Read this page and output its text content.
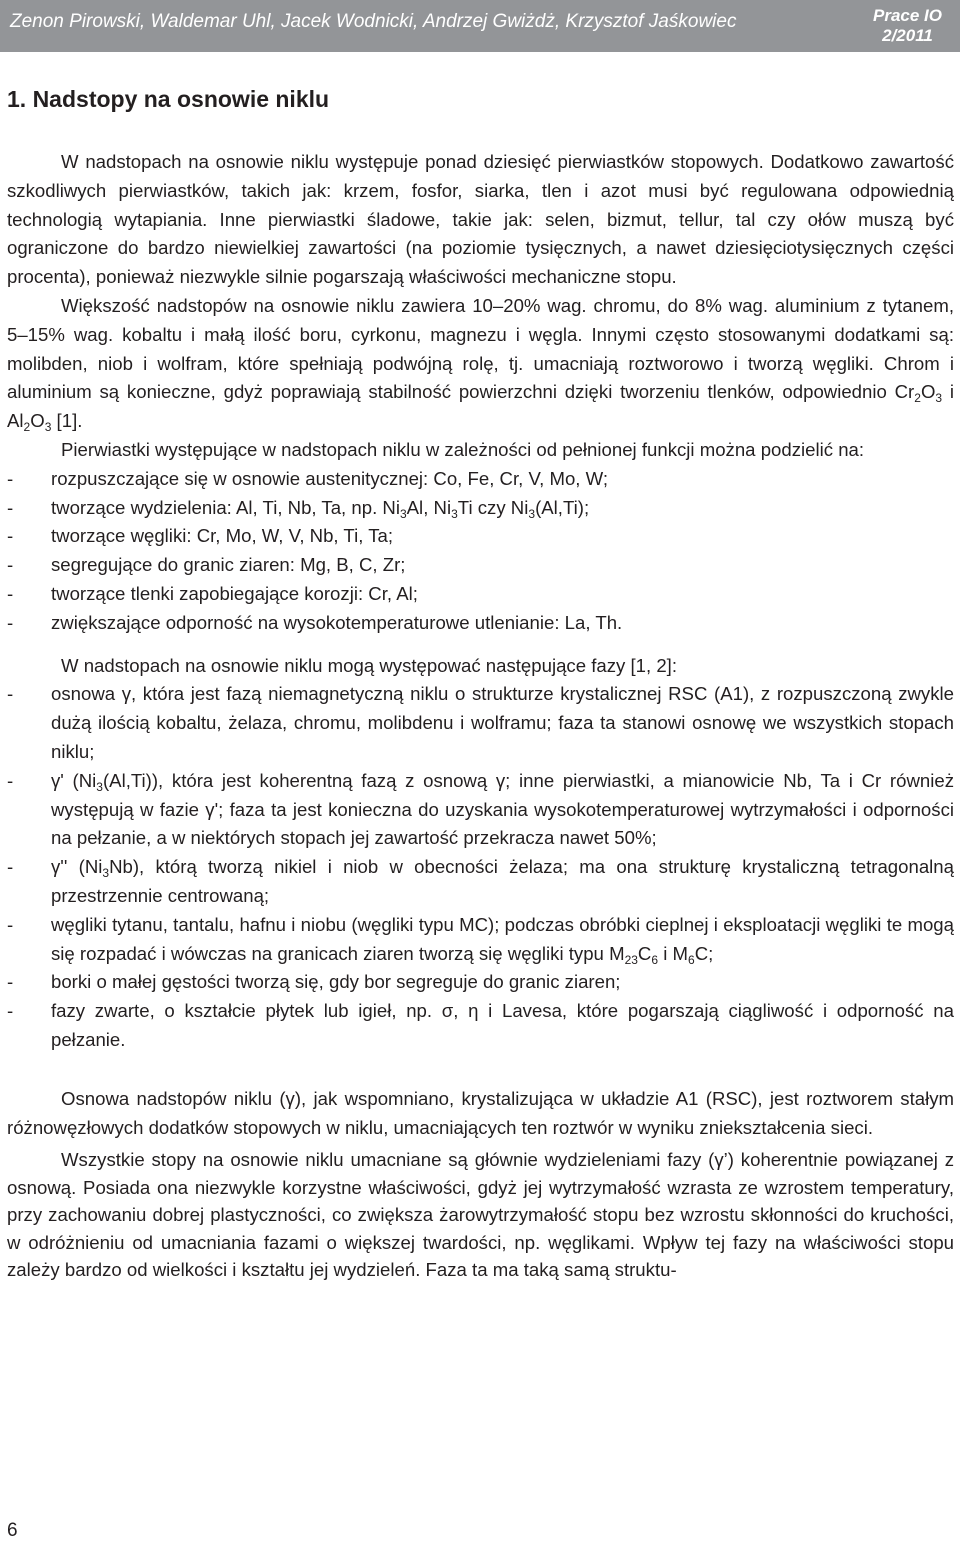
Zenon Pirowski, Waldemar Uhl, Jacek Wodnicki, Andrzej Gwiżdż, Krzysztof Jaśkowiec	Prace IO
2/2011
1. Nadstopy na osnowie niklu

W nadstopach na osnowie niklu występuje ponad dziesięć pierwiastków stopowych. Dodatkowo zawartość szkodliwych pierwiastków, takich jak: krzem, fosfor, siarka, tlen i azot musi być regulowana odpowiednią technologią wytapiania. Inne pierwiastki śladowe, takie jak: selen, bizmut, tellur, tal czy ołów muszą być ograniczone do bardzo niewielkiej zawartości (na poziomie tysięcznych, a nawet dziesięciotysięcznych części procenta), ponieważ niezwykle silnie pogarszają właściwości mechaniczne stopu.

Większość nadstopów na osnowie niklu zawiera 10–20% wag. chromu, do 8% wag. aluminium z tytanem, 5–15% wag. kobaltu i małą ilość boru, cyrkonu, magnezu i węgla. Innymi często stosowanymi dodatkami są: molibden, niob i wolfram, które spełniają podwójną rolę, tj. umacniają roztworowo i tworzą węgliki. Chrom i aluminium są konieczne, gdyż poprawiają stabilność powierzchni dzięki tworzeniu tlenków, odpowiednio $Cr_2O_3$ i $Al_2O_3$ [1].

Pierwiastki występujące w nadstopach niklu w zależności od pełnionej funkcji można podzielić na:

- rozpuszczające się w osnowie austenitycznej: Co, Fe, Cr, V, Mo, W;
- tworzące wydzielenia: Al, Ti, Nb, Ta, np. $Ni_3Al$, $Ni_3Ti$ czy $Ni_3(Al,Ti)$;
- tworzące węgliki: Cr, Mo, W, V, Nb, Ti, Ta;
- segregujące do granic ziaren: Mg, B, C, Zr;
- tworzące tlenki zapobiegające korozji: Cr, Al;
- zwiększające odporność na wysokotemperaturowe utlenianie: La, Th.

W nadstopach na osnowie niklu mogą występować następujące fazy [1, 2]:

- osnowa γ, która jest fazą niemagnetyczną niklu o strukturze krystalicznej RSC (A1), z rozpuszczoną zwykle dużą ilością kobaltu, żelaza, chromu, molibdenu i wolframu; faza ta stanowi osnowę we wszystkich stopach niklu;
- γ' $(Ni_3(Al,Ti))$, która jest koherentną fazą z osnową γ; inne pierwiastki, a mianowicie Nb, Ta i Cr również występują w fazie γ'; faza ta jest konieczna do uzyskania wysokotemperaturowej wytrzymałości i odporności na pełzanie, a w niektórych stopach jej zawartość przekracza nawet 50%;
- γ'' $(Ni_3Nb)$, którą tworzą nikiel i niob w obecności żelaza; ma ona strukturę krystaliczną tetragonalną przestrzennie centrowaną;
- węgliki tytanu, tantalu, hafnu i niobu (węgliki typu MC); podczas obróbki cieplnej i eksploatacji węgliki te mogą się rozpadać i wówczas na granicach ziaren tworzą się węgliki typu $M_{23}C_6$ i $M_6C$;
- borki o małej gęstości tworzą się, gdy bor segreguje do granic ziaren;
- fazy zwarte, o kształcie płytek lub igieł, np. σ, η i Lavesa, które pogarszają ciągliwość i odporność na pełzanie.

Osnowa nadstopów niklu (γ), jak wspomniano, krystalizująca w układzie A1 (RSC), jest roztworem stałym różnowęzłowych dodatków stopowych w niklu, umacniających ten roztwór w wyniku zniekształcenia sieci.

Wszystkie stopy na osnowie niklu umacniane są głównie wydzieleniami fazy (γ’) koherentnie powiązanej z osnową. Posiada ona niezwykle korzystne właściwości, gdyż jej wytrzymałość wzrasta ze wzrostem temperatury, przy zachowaniu dobrej plastyczności, co zwiększa żarowytrzymałość stopu bez wzrostu skłonności do kruchości, w odróżnieniu od umacniania fazami o większej twardości, np. węglikami. Wpływ tej fazy na właściwości stopu zależy bardzo od wielkości i kształtu jej wydzieleń. Faza ta ma taką samą struktu-

6
